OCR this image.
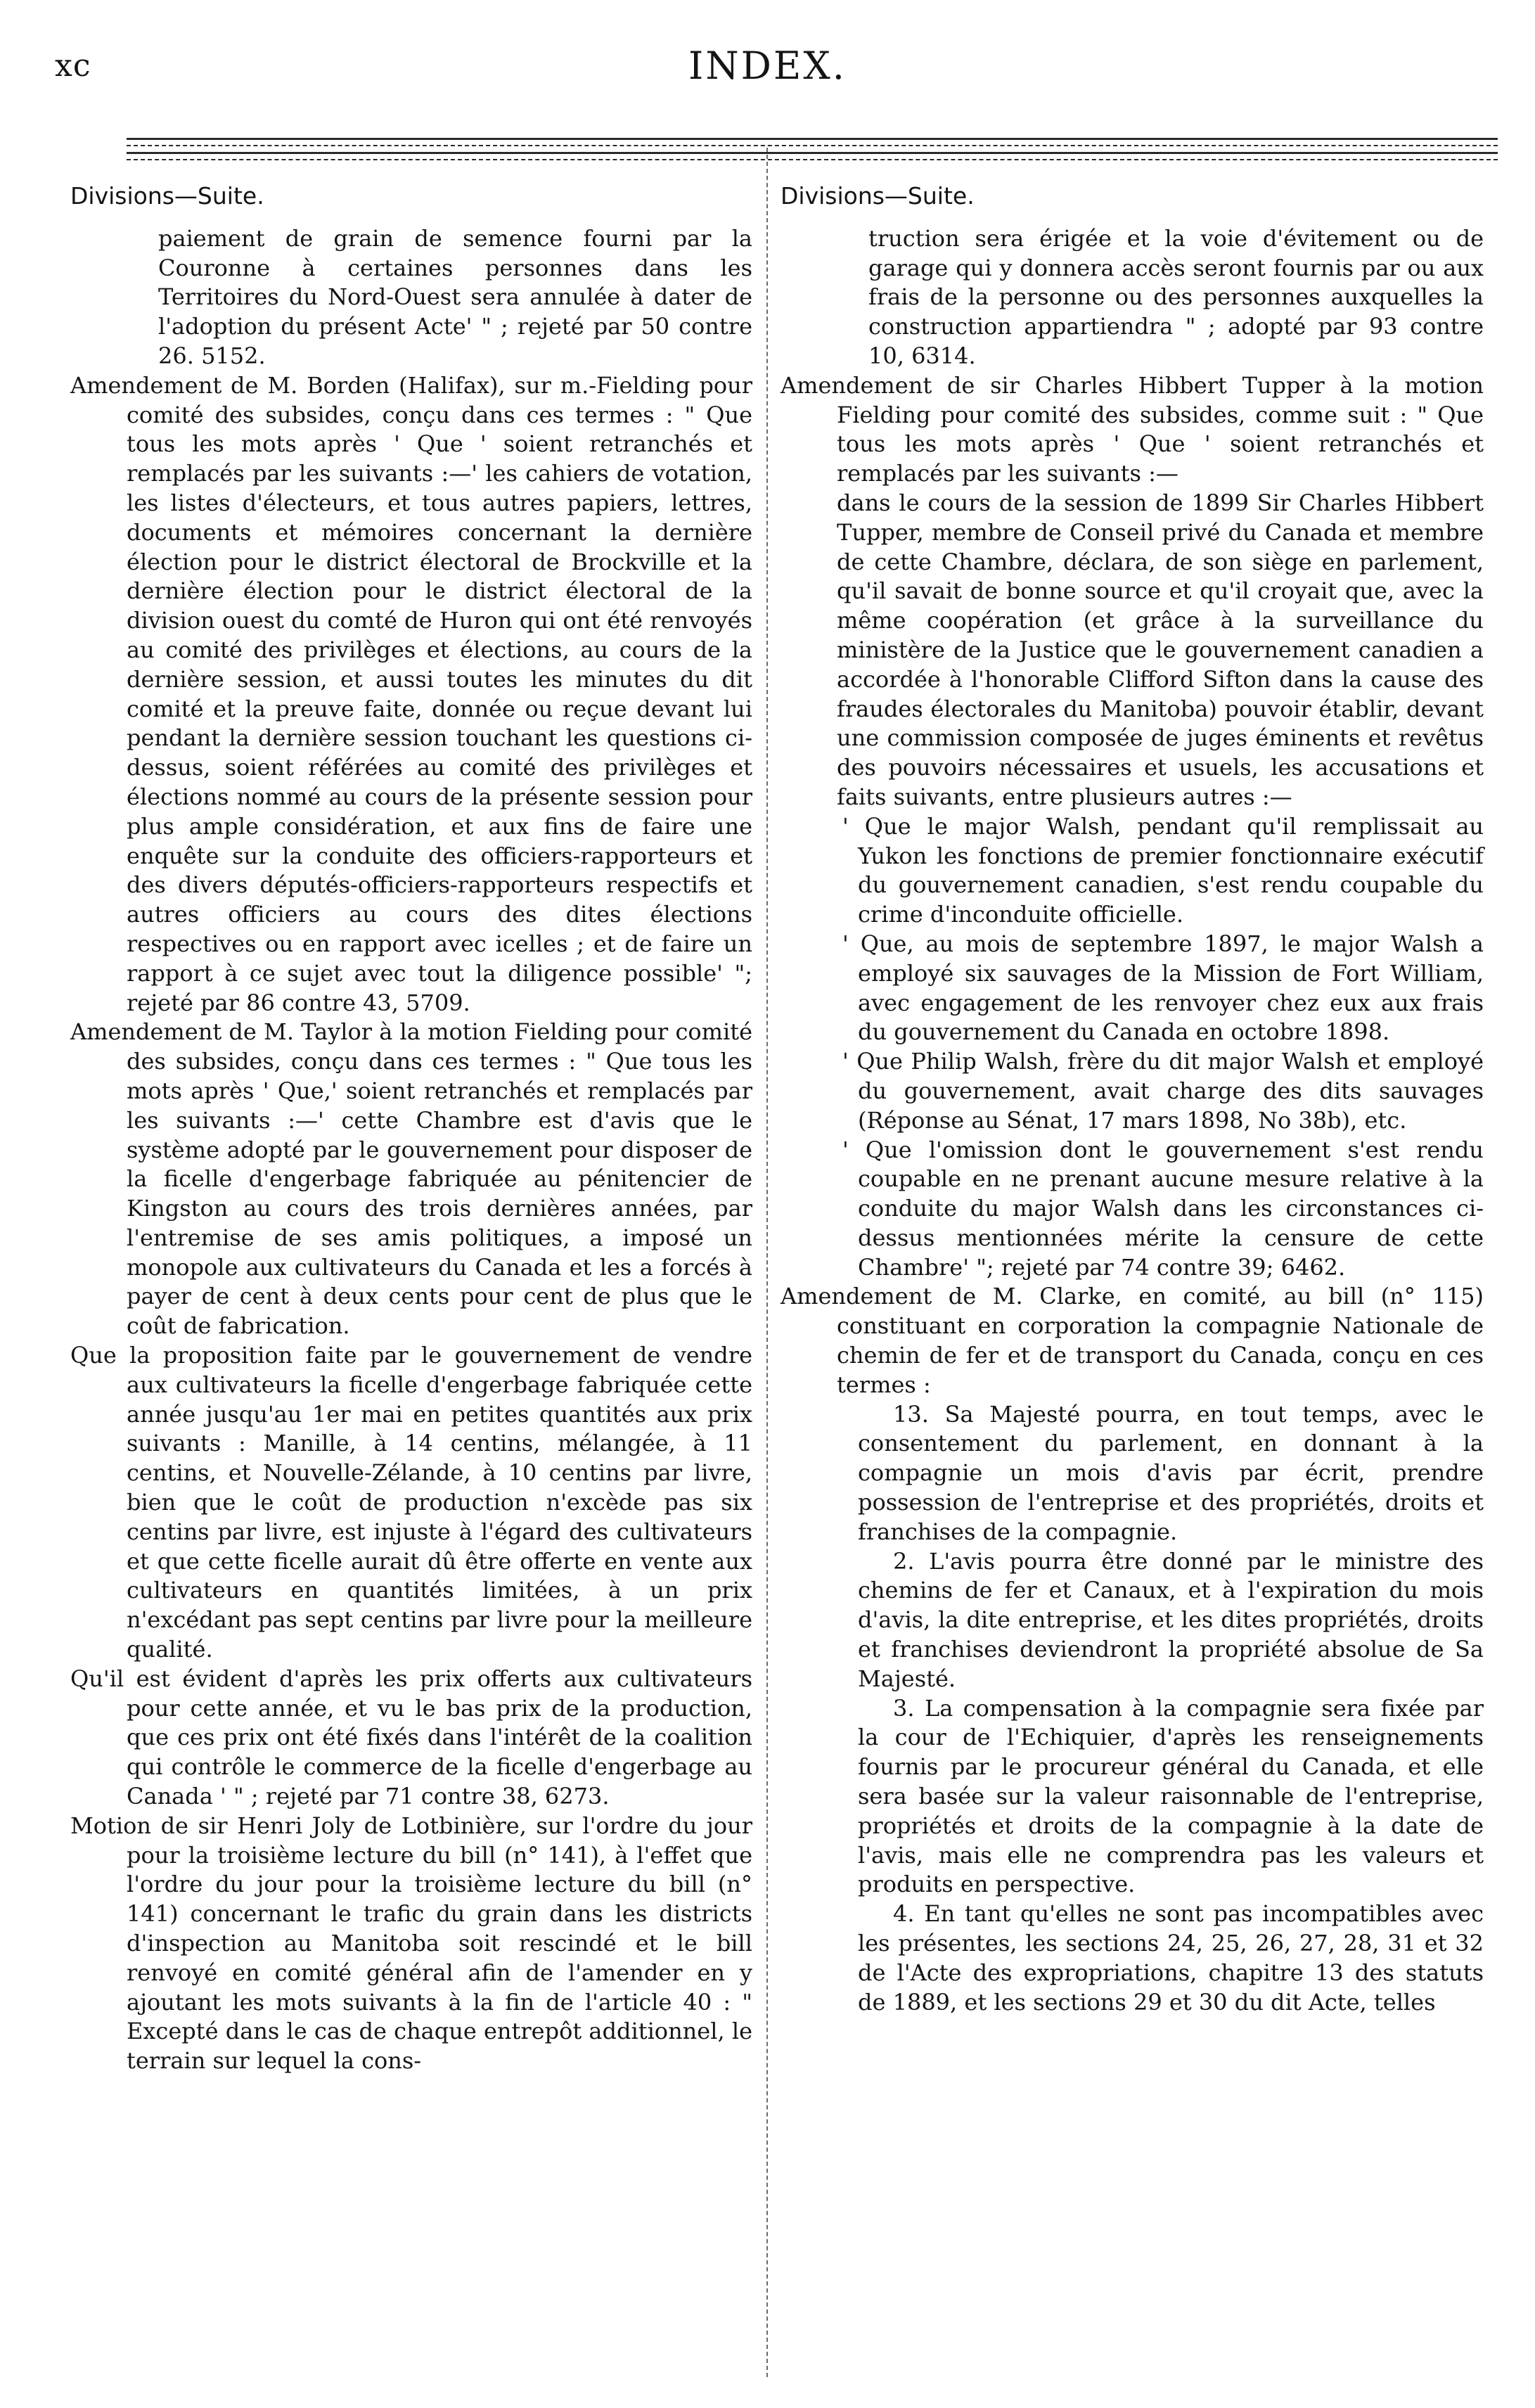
xc	INDEX.

Divisions—Suite.

paiement de grain de semence fourni par la Couronne à certaines personnes dans les Territoires du Nord-Ouest sera annulée à dater de l'adoption du présent Acte' " ; rejeté par 50 contre 26. 5152.

Amendement de M. Borden (Halifax), sur m.-Fielding pour comité des subsides, conçu dans ces termes : " Que tous les mots après ' Que ' soient retranchés et remplacés par les suivants :—' les cahiers de votation, les listes d'électeurs, et tous autres papiers, lettres, documents et mémoires concernant la dernière élection pour le district électoral de Brockville et la dernière élection pour le district électoral de la division ouest du comté de Huron qui ont été renvoyés au comité des privilèges et élections, au cours de la dernière session, et aussi toutes les minutes du dit comité et la preuve faite, donnée ou reçue devant lui pendant la dernière session touchant les questions ci-dessus, soient référées au comité des privilèges et élections nommé au cours de la présente session pour plus ample considération, et aux fins de faire une enquête sur la conduite des officiers-rapporteurs et des divers députés-officiers-rapporteurs respectifs et autres officiers au cours des dites élections respectives ou en rapport avec icelles ; et de faire un rapport à ce sujet avec tout la diligence possible' "; rejeté par 86 contre 43, 5709.

Amendement de M. Taylor à la motion Fielding pour comité des subsides, conçu dans ces termes : " Que tous les mots après ' Que,' soient retranchés et remplacés par les suivants :—' cette Chambre est d'avis que le système adopté par le gouvernement pour disposer de la ficelle d'engerbage fabriquée au pénitencier de Kingston au cours des trois dernières années, par l'entremise de ses amis politiques, a imposé un monopole aux cultivateurs du Canada et les a forcés à payer de cent à deux cents pour cent de plus que le coût de fabrication.

Que la proposition faite par le gouvernement de vendre aux cultivateurs la ficelle d'engerbage fabriquée cette année jusqu'au 1er mai en petites quantités aux prix suivants : Manille, à 14 centins, mélangée, à 11 centins, et Nouvelle-Zélande, à 10 centins par livre, bien que le coût de production n'excède pas six centins par livre, est injuste à l'égard des cultivateurs et que cette ficelle aurait dû être offerte en vente aux cultivateurs en quantités limitées, à un prix n'excédant pas sept centins par livre pour la meilleure qualité.

Qu'il est évident d'après les prix offerts aux cultivateurs pour cette année, et vu le bas prix de la production, que ces prix ont été fixés dans l'intérêt de la coalition qui contrôle le commerce de la ficelle d'engerbage au Canada ' " ; rejeté par 71 contre 38, 6273.

Motion de sir Henri Joly de Lotbinière, sur l'ordre du jour pour la troisième lecture du bill (n° 141), à l'effet que l'ordre du jour pour la troisième lecture du bill (n° 141) concernant le trafic du grain dans les districts d'inspection au Manitoba soit rescindé et le bill renvoyé en comité général afin de l'amender en y ajoutant les mots suivants à la fin de l'article 40 : " Excepté dans le cas de chaque entrepôt additionnel, le terrain sur lequel la cons-

Divisions—Suite.

truction sera érigée et la voie d'évitement ou de garage qui y donnera accès seront fournis par ou aux frais de la personne ou des personnes auxquelles la construction appartiendra " ; adopté par 93 contre 10, 6314.

Amendement de sir Charles Hibbert Tupper à la motion Fielding pour comité des subsides, comme suit : " Que tous les mots après ' Que ' soient retranchés et remplacés par les suivants :—

dans le cours de la session de 1899 Sir Charles Hibbert Tupper, membre de Conseil privé du Canada et membre de cette Chambre, déclara, de son siège en parlement, qu'il savait de bonne source et qu'il croyait que, avec la même coopération (et grâce à la surveillance du ministère de la Justice que le gouvernement canadien a accordée à l'honorable Clifford Sifton dans la cause des fraudes électorales du Manitoba) pouvoir établir, devant une commission composée de juges éminents et revêtus des pouvoirs nécessaires et usuels, les accusations et faits suivants, entre plusieurs autres :—

' Que le major Walsh, pendant qu'il remplissait au Yukon les fonctions de premier fonctionnaire exécutif du gouvernement canadien, s'est rendu coupable du crime d'inconduite officielle.

' Que, au mois de septembre 1897, le major Walsh a employé six sauvages de la Mission de Fort William, avec engagement de les renvoyer chez eux aux frais du gouvernement du Canada en octobre 1898.

' Que Philip Walsh, frère du dit major Walsh et employé du gouvernement, avait charge des dits sauvages (Réponse au Sénat, 17 mars 1898, No 38b), etc.

' Que l'omission dont le gouvernement s'est rendu coupable en ne prenant aucune mesure relative à la conduite du major Walsh dans les circonstances ci-dessus mentionnées mérite la censure de cette Chambre' "; rejeté par 74 contre 39; 6462.

Amendement de M. Clarke, en comité, au bill (n° 115) constituant en corporation la compagnie Nationale de chemin de fer et de transport du Canada, conçu en ces termes :

13. Sa Majesté pourra, en tout temps, avec le consentement du parlement, en donnant à la compagnie un mois d'avis par écrit, prendre possession de l'entreprise et des propriétés, droits et franchises de la compagnie.

2. L'avis pourra être donné par le ministre des chemins de fer et Canaux, et à l'expiration du mois d'avis, la dite entreprise, et les dites propriétés, droits et franchises deviendront la propriété absolue de Sa Majesté.

3. La compensation à la compagnie sera fixée par la cour de l'Echiquier, d'après les renseignements fournis par le procureur général du Canada, et elle sera basée sur la valeur raisonnable de l'entreprise, propriétés et droits de la compagnie à la date de l'avis, mais elle ne comprendra pas les valeurs et produits en perspective.

4. En tant qu'elles ne sont pas incompatibles avec les présentes, les sections 24, 25, 26, 27, 28, 31 et 32 de l'Acte des expropriations, chapitre 13 des statuts de 1889, et les sections 29 et 30 du dit Acte, telles
